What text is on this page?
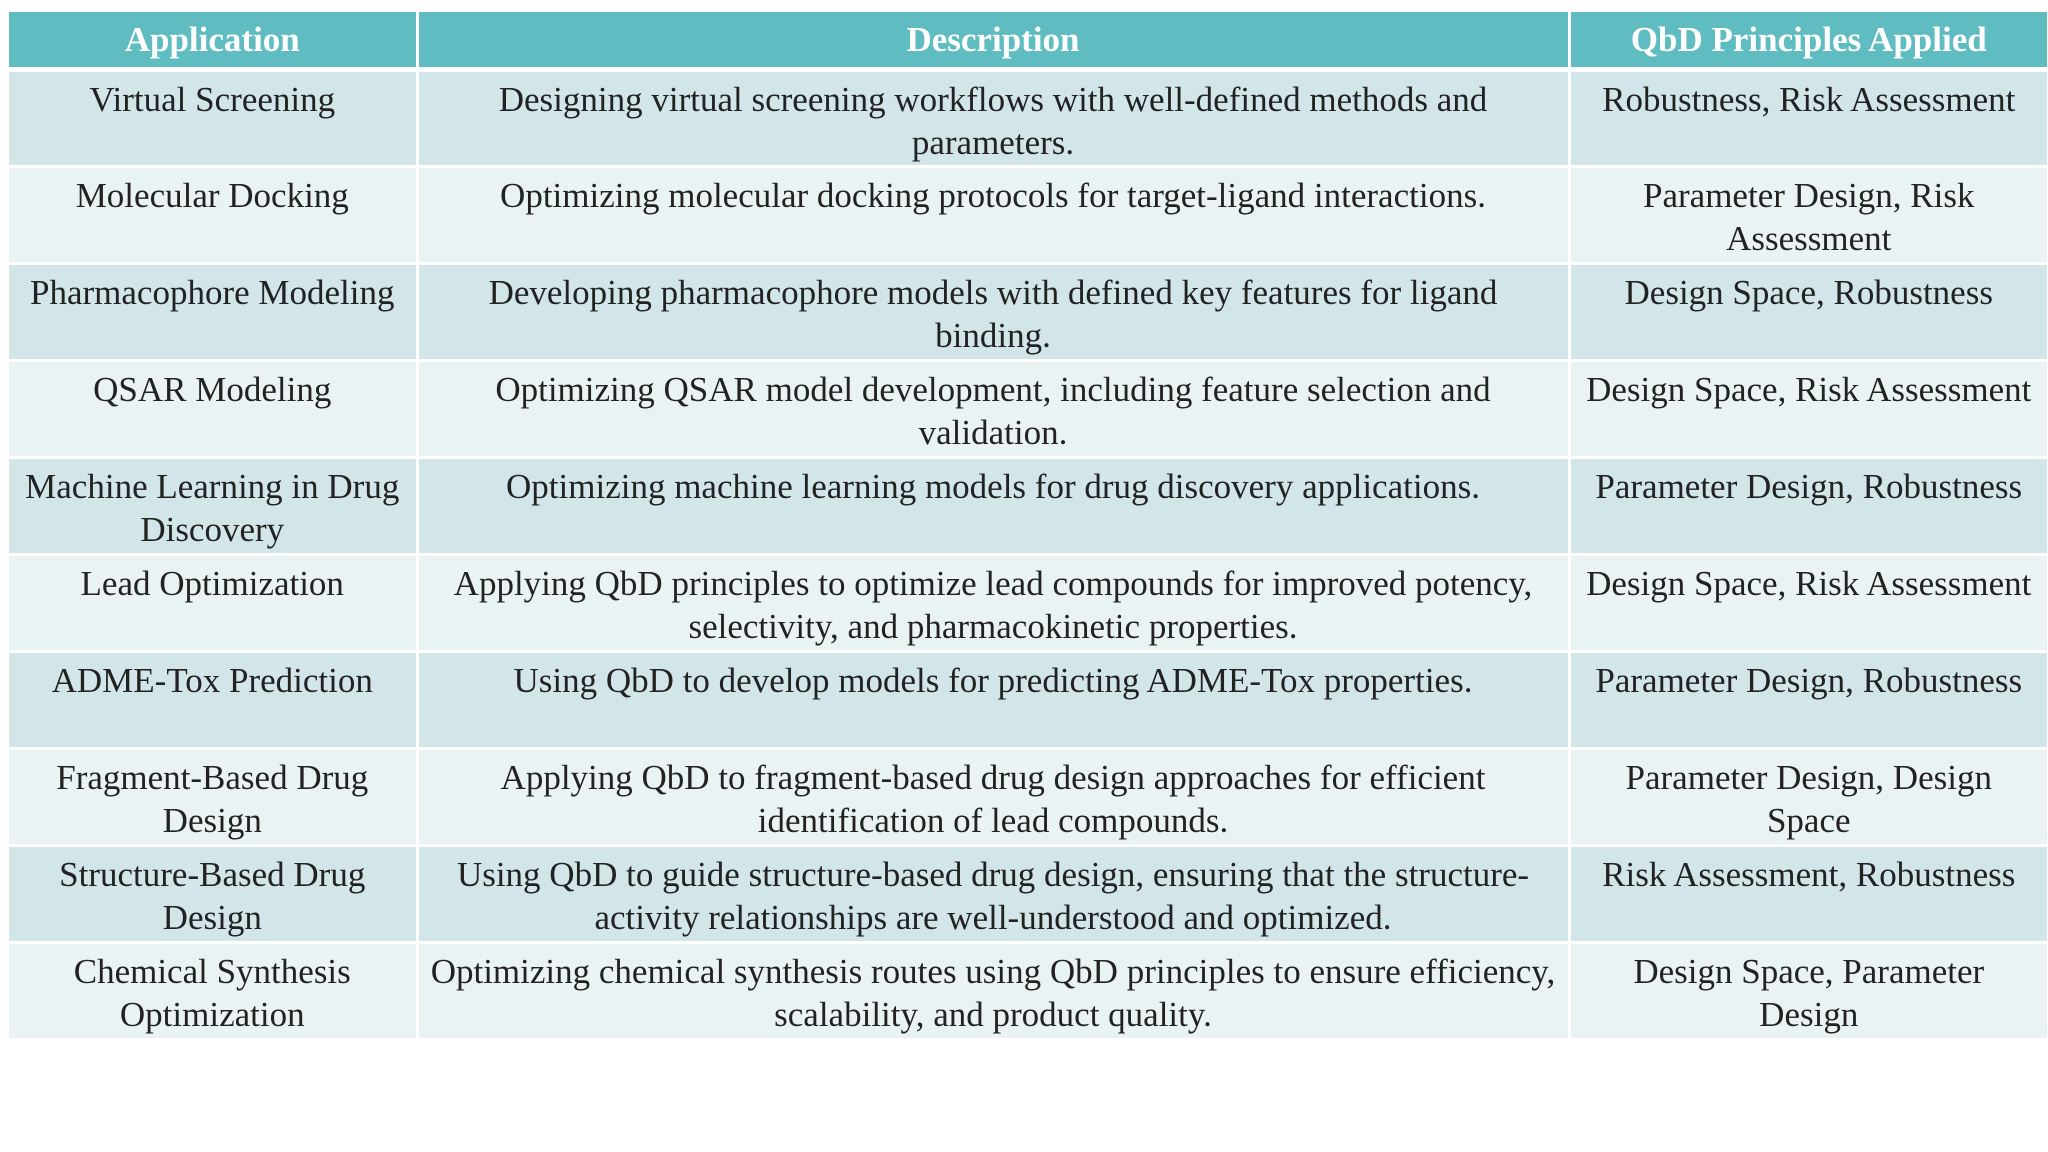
Application	Description	QbD Principles Applied
Virtual Screening	Designing virtual screening workflows with well-defined methods and parameters.	Robustness, Risk Assessment
Molecular Docking	Optimizing molecular docking protocols for target-ligand interactions.	Parameter Design, Risk Assessment
Pharmacophore Modeling	Developing pharmacophore models with defined key features for ligand binding.	Design Space, Robustness
QSAR Modeling	Optimizing QSAR model development, including feature selection and validation.	Design Space, Risk Assessment
Machine Learning in Drug Discovery	Optimizing machine learning models for drug discovery applications.	Parameter Design, Robustness
Lead Optimization	Applying QbD principles to optimize lead compounds for improved potency, selectivity, and pharmacokinetic properties.	Design Space, Risk Assessment
ADME-Tox Prediction	Using QbD to develop models for predicting ADME-Tox properties.	Parameter Design, Robustness
Fragment-Based Drug Design	Applying QbD to fragment-based drug design approaches for efficient identification of lead compounds.	Parameter Design, Design Space
Structure-Based Drug Design	Using QbD to guide structure-based drug design, ensuring that the structure-activity relationships are well-understood and optimized.	Risk Assessment, Robustness
Chemical Synthesis Optimization	Optimizing chemical synthesis routes using QbD principles to ensure efficiency, scalability, and product quality.	Design Space, Parameter Design
